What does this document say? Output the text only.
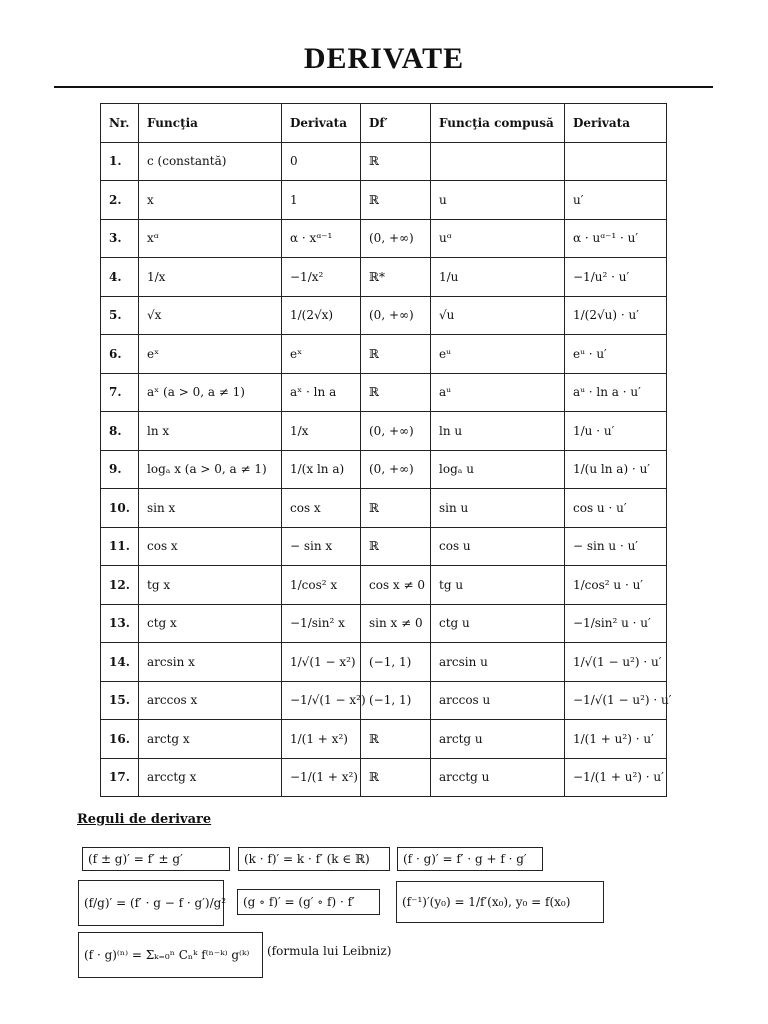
DERIVATE
Nr.	Funcţia	Derivata	Df′	Funcţia compusă	Derivata
1.	c (constantă)	0	ℝ		
2.	x	1	ℝ	u	u′
3.	xᵅ	α · xᵅ⁻¹	(0, +∞)	uᵅ	α · uᵅ⁻¹ · u′
4.	1/x	−1/x²	ℝ*	1/u	−1/u² · u′
5.	√x	1/(2√x)	(0, +∞)	√u	1/(2√u) · u′
6.	eˣ	eˣ	ℝ	eᵘ	eᵘ · u′
7.	aˣ (a > 0, a ≠ 1)	aˣ · ln a	ℝ	aᵘ	aᵘ · ln a · u′
8.	ln x	1/x	(0, +∞)	ln u	1/u · u′
9.	logₐ x (a > 0, a ≠ 1)	1/(x ln a)	(0, +∞)	logₐ u	1/(u ln a) · u′
10.	sin x	cos x	ℝ	sin u	cos u · u′
11.	cos x	− sin x	ℝ	cos u	− sin u · u′
12.	tg x	1/cos² x	cos x ≠ 0	tg u	1/cos² u · u′
13.	ctg x	−1/sin² x	sin x ≠ 0	ctg u	−1/sin² u · u′
14.	arcsin x	1/√(1 − x²)	(−1, 1)	arcsin u	1/√(1 − u²) · u′
15.	arccos x	−1/√(1 − x²)	(−1, 1)	arccos u	−1/√(1 − u²) · u′
16.	arctg x	1/(1 + x²)	ℝ	arctg u	1/(1 + u²) · u′
17.	arcctg x	−1/(1 + x²)	ℝ	arcctg u	−1/(1 + u²) · u′
Reguli de derivare
(f ± g)′ = f′ ± g′	(k · f)′ = k · f′ (k ∈ ℝ)	(f · g)′ = f′ · g + f · g′
(f/g)′ = (f′ · g − f · g′)/g²	(g ∘ f)′ = (g′ ∘ f) · f′	(f⁻¹)′(y₀) = 1/f′(x₀), y₀ = f(x₀)
(f · g)⁽ⁿ⁾ = Σₖ₌₀ⁿ Cₙᵏ f⁽ⁿ⁻ᵏ⁾ g⁽ᵏ⁾	(formula lui Leibniz)
